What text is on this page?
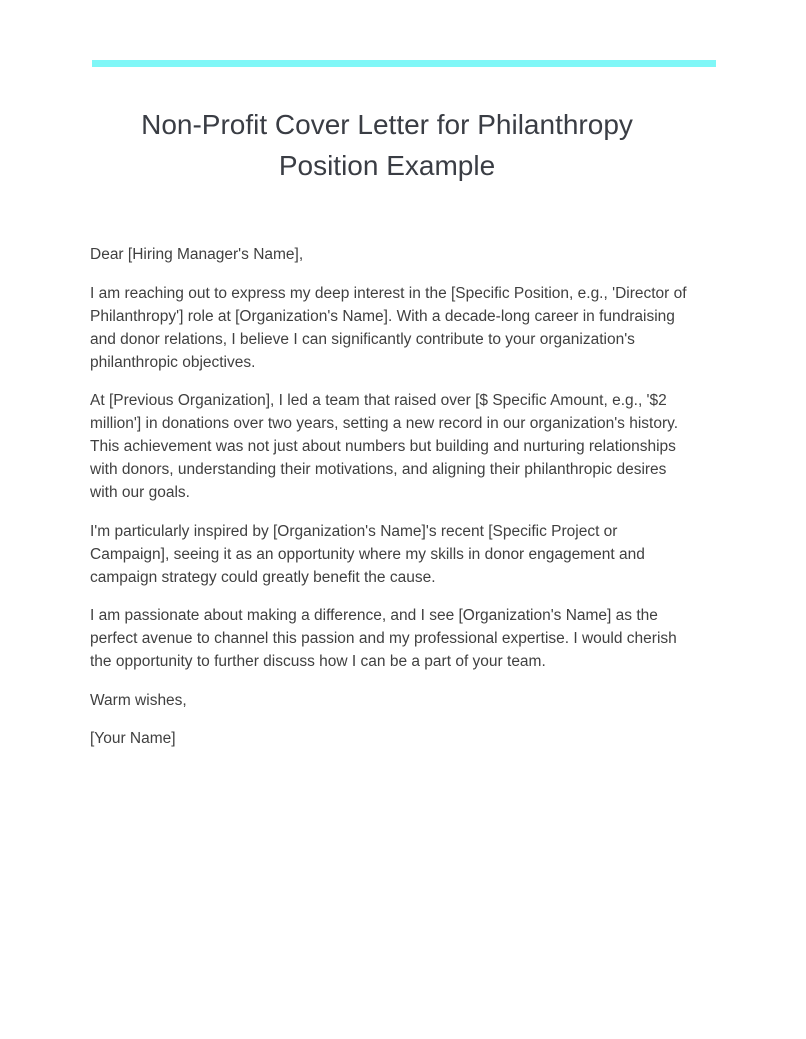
Non-Profit Cover Letter for Philanthropy Position Example

Dear [Hiring Manager's Name],

I am reaching out to express my deep interest in the [Specific Position, e.g., 'Director of Philanthropy'] role at [Organization's Name]. With a decade-long career in fundraising and donor relations, I believe I can significantly contribute to your organization's philanthropic objectives.

At [Previous Organization], I led a team that raised over [$ Specific Amount, e.g., '$2 million'] in donations over two years, setting a new record in our organization's history. This achievement was not just about numbers but building and nurturing relationships with donors, understanding their motivations, and aligning their philanthropic desires with our goals.

I'm particularly inspired by [Organization's Name]'s recent [Specific Project or Campaign], seeing it as an opportunity where my skills in donor engagement and campaign strategy could greatly benefit the cause.

I am passionate about making a difference, and I see [Organization's Name] as the perfect avenue to channel this passion and my professional expertise. I would cherish the opportunity to further discuss how I can be a part of your team.

Warm wishes,

[Your Name]
